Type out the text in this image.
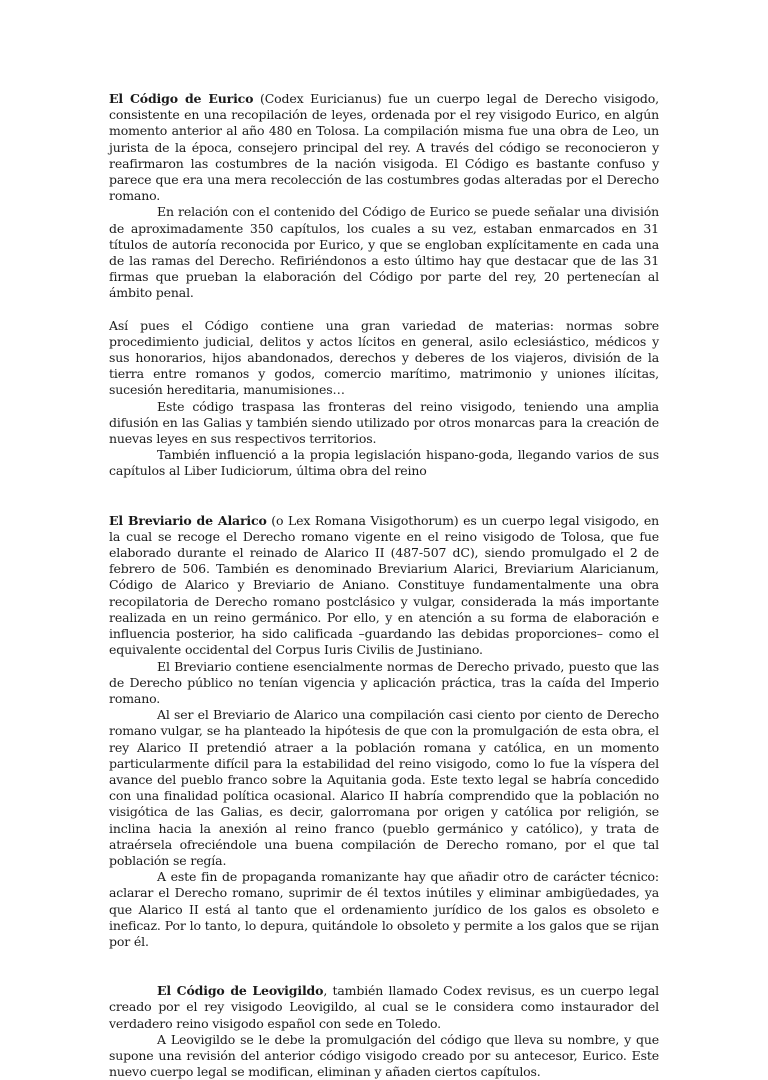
El Código de Eurico (Codex Euricianus) fue un cuerpo legal de Derecho visigodo, consistente en una recopilación de leyes, ordenada por el rey visigodo Eurico, en algún momento anterior al año 480 en Tolosa. La compilación misma fue una obra de Leo, un jurista de la época, consejero principal del rey. A través del código se reconocieron y reafirmaron las costumbres de la nación visigoda. El Código es bastante confuso y parece que era una mera recolección de las costumbres godas alteradas por el Derecho romano.

En relación con el contenido del Código de Eurico se puede señalar una división de aproximadamente 350 capítulos, los cuales a su vez, estaban enmarcados en 31 títulos de autoría reconocida por Eurico, y que se engloban explícitamente en cada una de las ramas del Derecho. Refiriéndonos a esto último hay que destacar que de las 31 firmas que prueban la elaboración del Código por parte del rey, 20 pertenecían al ámbito penal.

Así pues el Código contiene una gran variedad de materias: normas sobre procedimiento judicial, delitos y actos lícitos en general, asilo eclesiástico, médicos y sus honorarios, hijos abandonados, derechos y deberes de los viajeros, división de la tierra entre romanos y godos, comercio marítimo, matrimonio y uniones ilícitas, sucesión hereditaria, manumisiones…

Este código traspasa las fronteras del reino visigodo, teniendo una amplia difusión en las Galias y también siendo utilizado por otros monarcas para la creación de nuevas leyes en sus respectivos territorios.

También influenció a la propia legislación hispano-goda, llegando varios de sus capítulos al Liber Iudiciorum, última obra del reino

El Breviario de Alarico (o Lex Romana Visigothorum) es un cuerpo legal visigodo, en la cual se recoge el Derecho romano vigente en el reino visigodo de Tolosa, que fue elaborado durante el reinado de Alarico II (487-507 dC), siendo promulgado el 2 de febrero de 506. También es denominado Breviarium Alarici, Breviarium Alaricianum, Código de Alarico y Breviario de Aniano. Constituye fundamentalmente una obra recopilatoria de Derecho romano postclásico y vulgar, considerada la más importante realizada en un reino germánico. Por ello, y en atención a su forma de elaboración e influencia posterior, ha sido calificada –guardando las debidas proporciones– como el equivalente occidental del Corpus Iuris Civilis de Justiniano.

El Breviario contiene esencialmente normas de Derecho privado, puesto que las de Derecho público no tenían vigencia y aplicación práctica, tras la caída del Imperio romano.

Al ser el Breviario de Alarico una compilación casi ciento por ciento de Derecho romano vulgar, se ha planteado la hipótesis de que con la promulgación de esta obra, el rey Alarico II pretendió atraer a la población romana y católica, en un momento particularmente difícil para la estabilidad del reino visigodo, como lo fue la víspera del avance del pueblo franco sobre la Aquitania goda. Este texto legal se habría concedido con una finalidad política ocasional. Alarico II habría comprendido que la población no visigótica de las Galias, es decir, galorromana por origen y católica por religión, se inclina hacia la anexión al reino franco (pueblo germánico y católico), y trata de atraérsela ofreciéndole una buena compilación de Derecho romano, por el que tal población se regía.

A este fin de propaganda romanizante hay que añadir otro de carácter técnico: aclarar el Derecho romano, suprimir de él textos inútiles y eliminar ambigüedades, ya que Alarico II está al tanto que el ordenamiento jurídico de los galos es obsoleto e ineficaz. Por lo tanto, lo depura, quitándole lo obsoleto y permite a los galos que se rijan por él.

El Código de Leovigildo, también llamado Codex revisus, es un cuerpo legal creado por el rey visigodo Leovigildo, al cual se le considera como instaurador del verdadero reino visigodo español con sede en Toledo.

A Leovigildo se le debe la promulgación del código que lleva su nombre, y que supone una revisión del anterior código visigodo creado por su antecesor, Eurico. Este nuevo cuerpo legal se modifican, eliminan y añaden ciertos capítulos.
